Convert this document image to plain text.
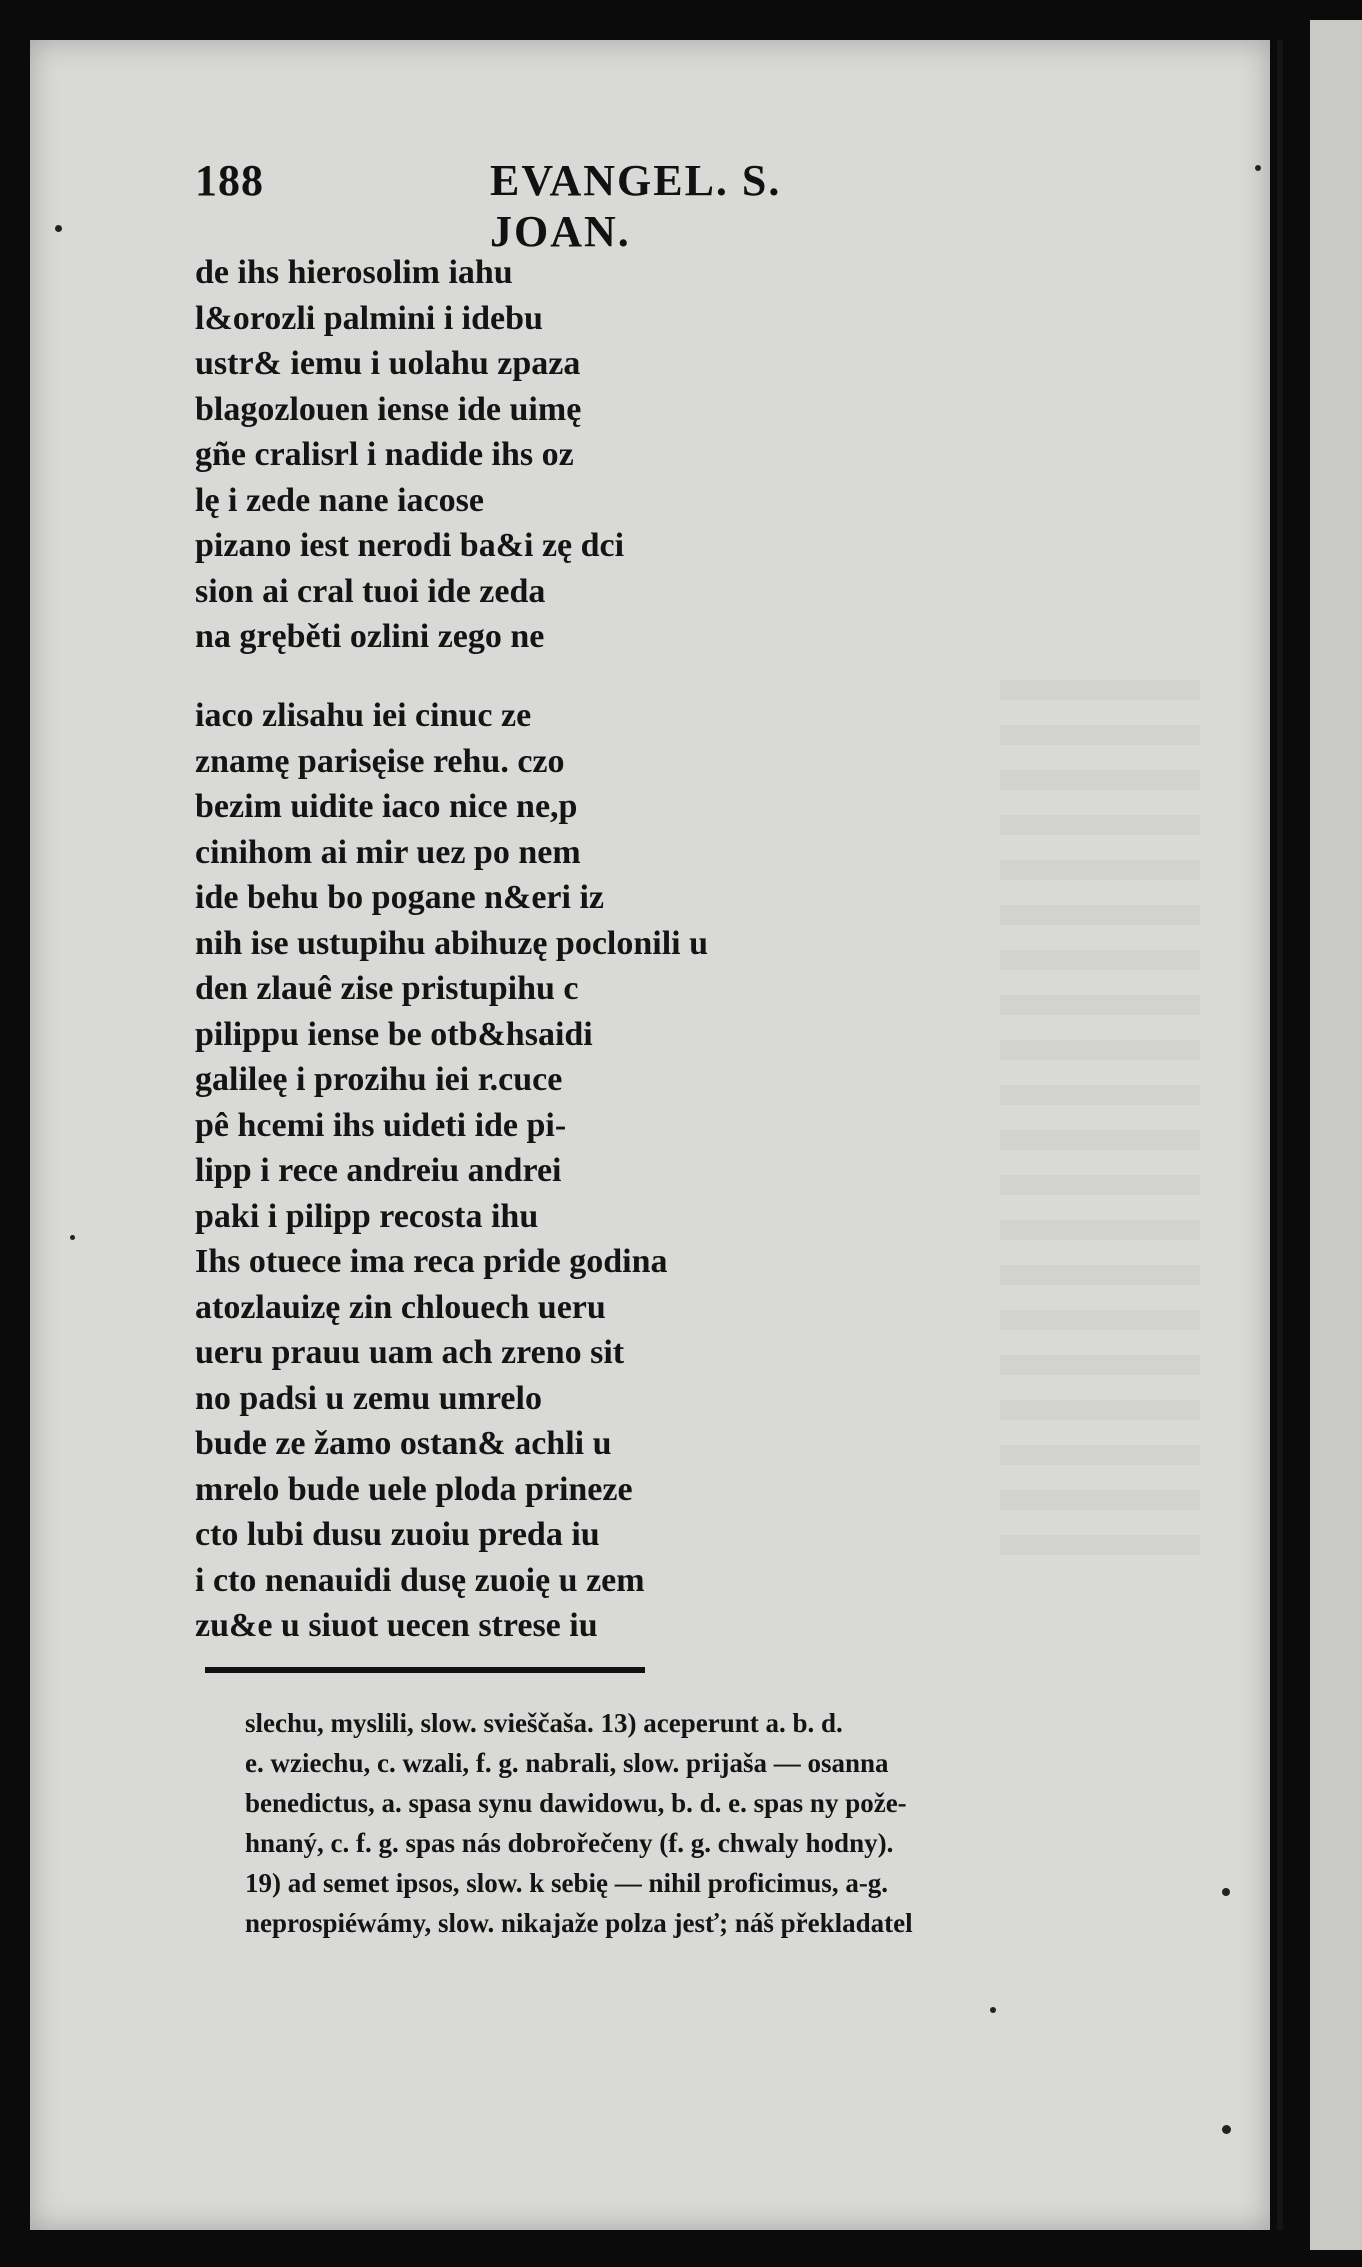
188	EVANGEL. S. JOAN.
de ihs hierosolim iahu
l&orozli palmini i idebu
ustr& iemu i uolahu zpaza
blagozlouen iense ide uimę
gñe cralisrl i nadide ihs oz
lę i zede nane iacose
pizano iest nerodi ba&i zę dci
sion ai cral tuoi ide zeda
na gręběti ozlini zego ne
iaco zlisahu iei cinuc ze
znamę parisęise rehu. czo
bezim uidite iaco nice ne,p
cinihom ai mir uez po nem
ide behu bo pogane n&eri iz
nih ise ustupihu abihuzę poclonili u
den zlauê zise pristupihu c
pilippu iense be otb&hsaidi
galileę i prozihu iei r.cuce
pê hcemi ihs uideti ide pi-
lipp i rece andreiu andrei
paki i pilipp recosta ihu
Ihs otuece ima reca pride godina
atozlauizę zin chlouech ueru
ueru prauu uam ach zreno sit
no padsi u zemu umrelo
bude ze žamo ostan& achli u
mrelo bude uele ploda prineze
cto lubi dusu zuoiu preda iu
i cto nenauidi dusę zuoię u zem
zu&e u siuot uecen strese iu
slechu, myslili, slow. svieščaša. 13) aceperunt a. b. d.
e. wziechu, c. wzali, f. g. nabrali, slow. prijaša — osanna
benedictus, a. spasa synu dawidowu, b. d. e. spas ny pože-
hnaný, c. f. g. spas nás dobrořečeny (f. g. chwaly hodny).
19) ad semet ipsos, slow. k sebię — nihil proficimus, a-g.
neprospiéwámy, slow. nikajaže polza jesť; náš překladatel
